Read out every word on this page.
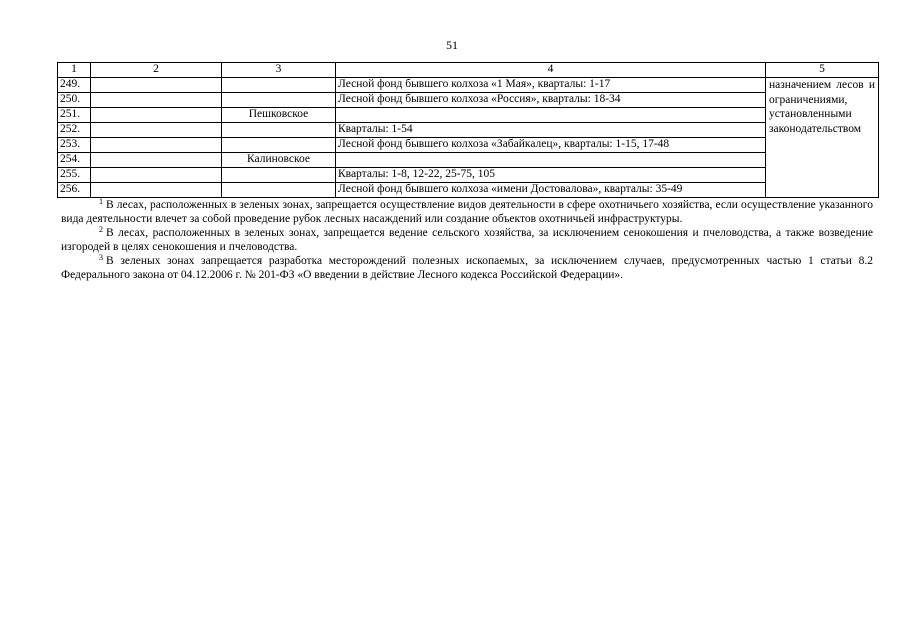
51
1	2	3	4	5
249.			Лесной фонд бывшего колхоза «1 Мая», кварталы: 1-17	назначением лесов и ограничениями, установленными законодательством
250.			Лесной фонд бывшего колхоза «Россия», кварталы: 18-34	
251.		Пешковское		
252.			Кварталы: 1-54	
253.			Лесной фонд бывшего колхоза «Забайкалец», кварталы: 1-15, 17-48	
254.		Калиновское		
255.			Кварталы: 1-8, 12-22, 25-75, 105	
256.			Лесной фонд бывшего колхоза «имени Достовалова», кварталы: 35-49	

$^1$ В лесах, расположенных в зеленых зонах, запрещается осуществление видов деятельности в сфере охотничьего хозяйства, если осуществление указанного вида деятельности влечет за собой проведение рубок лесных насаждений или создание объектов охотничьей инфраструктуры.

$^2$ В лесах, расположенных в зеленых зонах, запрещается ведение сельского хозяйства, за исключением сенокошения и пчеловодства, а также возведение изгородей в целях сенокошения и пчеловодства.

$^3$ В зеленых зонах запрещается разработка месторождений полезных ископаемых, за исключением случаев, предусмотренных частью 1 статьи 8.2 Федерального закона от 04.12.2006 г. № 201-ФЗ «О введении в действие Лесного кодекса Российской Федерации».
